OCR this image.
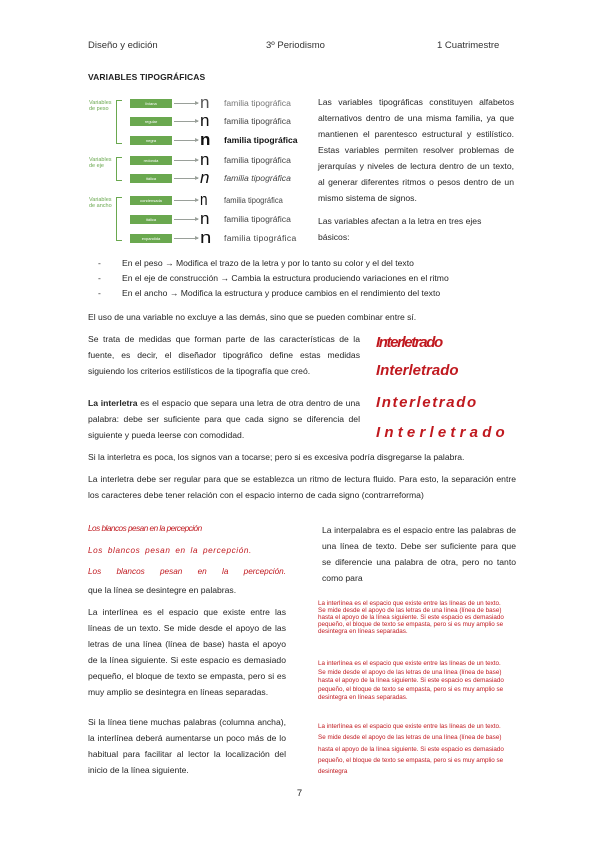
Diseño y edición	3º Periodismo	1 Cuatrimestre
VARIABLES TIPOGRÁFICAS
Variables de peso
Variables de eje
Variables de ancho
liviana	n familia tipográfica
regular	n familia tipográfica
negra	n familia tipográfica
redonda	n familia tipográfica
itálica	n familia tipográfica
condensada	n familia tipográfica
itálica	n familia tipográfica
expandida	n familia tipográfica
Las variables tipográficas constituyen alfabetos alternativos dentro de una misma familia, ya que mantienen el parentesco estructural y estilístico. Estas variables permiten resolver problemas de jerarquías y niveles de lectura dentro de un texto, al generar diferentes ritmos o pesos dentro de un mismo sistema de signos.
Las variables afectan a la letra en tres ejes básicos:
- En el peso → Modifica el trazo de la letra y por lo tanto su color y el del texto
- En el eje de construcción → Cambia la estructura produciendo variaciones en el ritmo
- En el ancho → Modifica la estructura y produce cambios en el rendimiento del texto
El uso de una variable no excluye a las demás, sino que se pueden combinar entre sí.
Se trata de medidas que forman parte de las características de la fuente, es decir, el diseñador tipográfico define estas medidas siguiendo los criterios estilísticos de la tipografía que creó.
La interletra es el espacio que separa una letra de otra dentro de una palabra: debe ser suficiente para que cada signo se diferencia del siguiente y pueda leerse con comodidad.
Interletrado
Interletrado
Interletrado
Interletrado
Si la interletra es poca, los signos van a tocarse; pero si es excesiva podría disgregarse la palabra.
La interletra debe ser regular para que se establezca un ritmo de lectura fluido. Para esto, la separación entre los caracteres debe tener relación con el espacio interno de cada signo (contrarreforma)
Los blancos pesan en la percepción
Los blancos pesan en la percepción.
Los blancos pesan en la percepción.
La interpalabra es el espacio entre las palabras de una línea de texto. Debe ser suficiente para que se diferencie una palabra de otra, pero no tanto como para
que la línea se desintegre en palabras.
La interlínea es el espacio que existe entre las líneas de un texto. Se mide desde el apoyo de las letras de una línea (línea de base) hasta el apoyo de la línea siguiente. Si este espacio es demasiado pequeño, el bloque de texto se empasta, pero si es muy amplio se desintegra en líneas separadas.
Si la línea tiene muchas palabras (columna ancha), la interlínea deberá aumentarse un poco más de lo habitual para facilitar al lector la localización del inicio de la línea siguiente.
La interlínea es el espacio que existe entre las líneas de un texto. Se mide desde el apoyo de las letras de una línea (línea de base) hasta el apoyo de la línea siguiente. Si este espacio es demasiado pequeño, el bloque de texto se empasta, pero si es muy amplio se desintegra en líneas separadas.
La interlínea es el espacio que existe entre las líneas de un texto. Se mide desde el apoyo de las letras de una línea (línea de base) hasta el apoyo de la línea siguiente. Si este espacio es demasiado pequeño, el bloque de texto se empasta, pero si es muy amplio se desintegra en líneas separadas.
La interlínea es el espacio que existe entre las líneas de un texto. Se mide desde el apoyo de las letras de una línea (línea de base) hasta el apoyo de la línea siguiente. Si este espacio es demasiado pequeño, el bloque de texto se empasta, pero si es muy amplio se desintegra
7
